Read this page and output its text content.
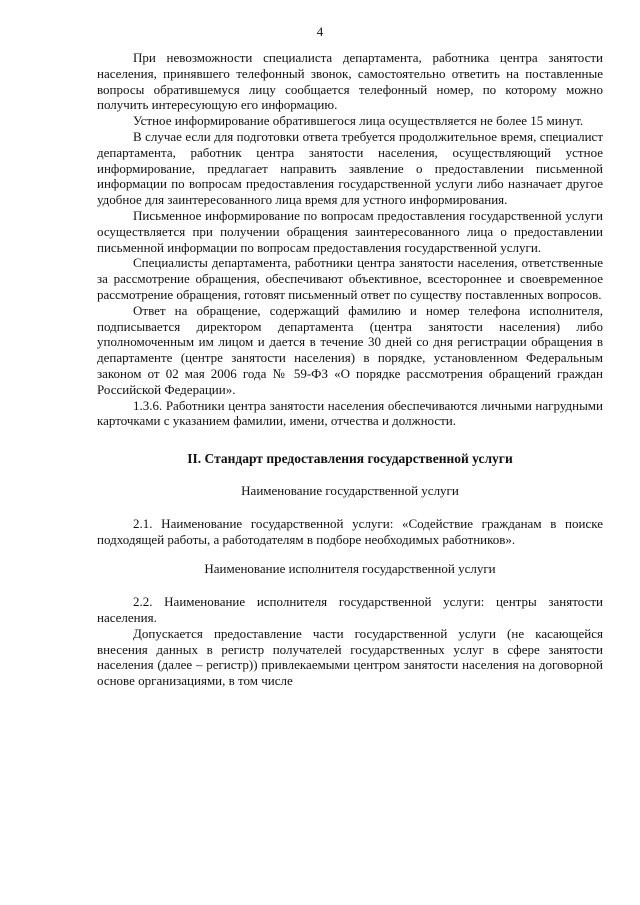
4

При невозможности специалиста департамента, работника центра занятости населения, принявшего телефонный звонок, самостоятельно ответить на поставленные вопросы обратившемуся лицу сообщается телефонный номер, по которому можно получить интересующую его информацию.

Устное информирование обратившегося лица осуществляется не более 15 минут.

В случае если для подготовки ответа требуется продолжительное время, специалист департамента, работник центра занятости населения, осуществляющий устное информирование, предлагает направить заявление о предоставлении письменной информации по вопросам предоставления государственной услуги либо назначает другое удобное для заинтересованного лица время для устного информирования.

Письменное информирование по вопросам предоставления государственной услуги осуществляется при получении обращения заинтересованного лица о предоставлении письменной информации по вопросам предоставления государственной услуги.

Специалисты департамента, работники центра занятости населения, ответственные за рассмотрение обращения, обеспечивают объективное, всестороннее и своевременное рассмотрение обращения, готовят письменный ответ по существу поставленных вопросов.

Ответ на обращение, содержащий фамилию и номер телефона исполнителя, подписывается директором департамента (центра занятости населения) либо уполномоченным им лицом и дается в течение 30 дней со дня регистрации обращения в департаменте (центре занятости населения) в порядке, установленном Федеральным законом от 02 мая 2006 года № 59-ФЗ «О порядке рассмотрения обращений граждан Российской Федерации».

1.3.6. Работники центра занятости населения обеспечиваются личными нагрудными карточками с указанием фамилии, имени, отчества и должности.

II. Стандарт предоставления государственной услуги

Наименование государственной услуги

2.1. Наименование государственной услуги: «Содействие гражданам в поиске подходящей работы, а работодателям в подборе необходимых работников».

Наименование исполнителя государственной услуги

2.2. Наименование исполнителя государственной услуги: центры занятости населения.

Допускается предоставление части государственной услуги (не касающейся внесения данных в регистр получателей государственных услуг в сфере занятости населения (далее – регистр)) привлекаемыми центром занятости населения на договорной основе организациями, в том числе
